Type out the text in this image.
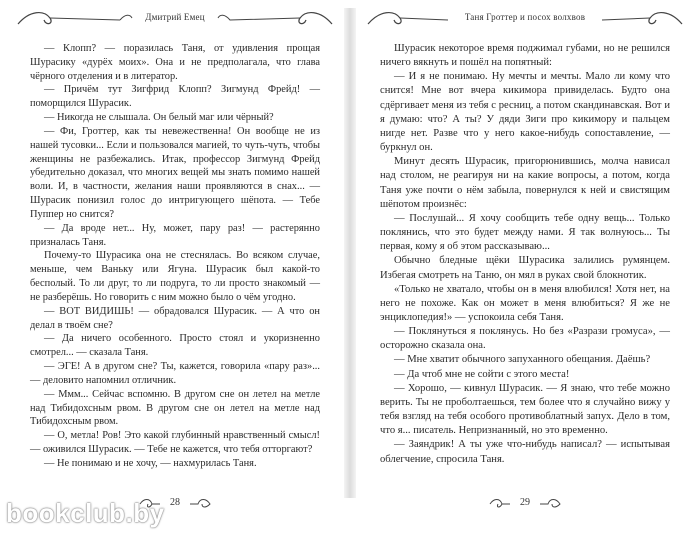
Дмитрий Емец

— Клопп? — поразилась Таня, от удивления прощая Шурасику «дурёх моих». Она и не предполагала, что глава чёрного отделения и в литератор.

— Причём тут Зигфрид Клопп? Зигмунд Фрейд! — поморщился Шурасик.

— Никогда не слышала. Он белый маг или чёрный?

— Фи, Гроттер, как ты невежественна! Он вообще не из нашей тусовки... Если и пользовался магией, то чуть-чуть, чтобы женщины не разбежались. Итак, профессор Зигмунд Фрейд убедительно доказал, что многих вещей мы знать помимо нашей воли. И, в частности, желания наши проявляются в снах... — Шурасик понизил голос до интригующего шёпота. — Тебе Пуппер но снится?

— Да вроде нет... Ну, может, пару раз! — растерянно призналась Таня.

Почему-то Шурасика она не стеснялась. Во всяком случае, меньше, чем Ваньку или Ягуна. Шурасик был какой-то бесполый. То ли друг, то ли подруга, то ли просто знакомый — не разберёшь. Но говорить с ним можно было о чём угодно.

— ВОТ ВИДИШЬ! — обрадовался Шурасик. — А что он делал в твоём сне?

— Да ничего особенного. Просто стоял и укоризненно смотрел... — сказала Таня.

— ЭГЕ! А в другом сне? Ты, кажется, говорила «пару раз»... — деловито напомнил отличник.

— Ммм... Сейчас вспомню. В другом сне он летел на метле над Тибидохсным рвом. В другом сне он летел на метле над Тибидохсным рвом.

— О, метла! Ров! Это какой глубинный нравственный смысл! — оживился Шурасик. — Тебе не кажется, что тебя отторгают?

— Не понимаю и не хочу, — нахмурилась Таня.

28
Таня Гроттер и посох волхвов

Шурасик некоторое время поджимал губами, но не решился ничего вякнуть и пошёл на попятный:

— И я не понимаю. Ну мечты и мечты. Мало ли кому что снится! Мне вот вчера кикимора привиделась. Будто она сдёргивает меня из тебя с ресниц, а потом скандинавская. Вот и я думаю: что? А ты? У дяди Зиги про кикимору и пальцем нигде нет. Разве что у него какое-нибудь сопоставление, — буркнул он.

Минут десять Шурасик, пригорюнившись, молча нависал над столом, не реагируя ни на какие вопросы, а потом, когда Таня уже почти о нём забыла, повернулся к ней и свистящим шёпотом произнёс:

— Послушай... Я хочу сообщить тебе одну вещь... Только поклянись, что это будет между нами. Я так волнуюсь... Ты первая, кому я об этом рассказываю...

Обычно бледные щёки Шурасика залились румянцем. Избегая смотреть на Таню, он мял в руках свой блокнотик.

«Только не хватало, чтобы он в меня влюбился! Хотя нет, на него не похоже. Как он может в меня влюбиться? Я же не энциклопедия!» — успокоила себя Таня.

— Поклянуться я поклянусь. Но без «Разрази громуса», — осторожно сказала она.

— Мне хватит обычного запуханного обещания. Даёшь?

— Да чтоб мне не сойти с этого места!

— Хорошо, — кивнул Шурасик. — Я знаю, что тебе можно верить. Ты не проболтаешься, тем более что я случайно вижу у тебя взгляд на тебя особого противоблатный запух. Дело в том, что я... писатель. Непризнанный, но это временно.

— Заяндрик! А ты уже что-нибудь написал? — испытывая облегчение, спросила Таня.

29
bookclub.by
